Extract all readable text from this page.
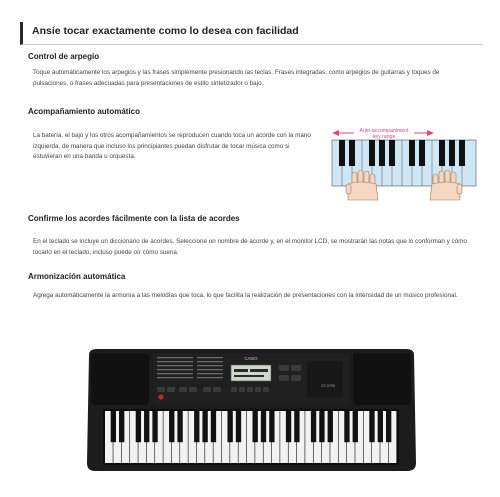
Ansíe tocar exactamente como lo desea con facilidad
Control de arpegio

Toque automáticamente los arpegios y las frases simplemente presionando las teclas. Frases integradas, como arpegios de guitarras y toques de pulsaciones, o frases adecuadas para presentaciones de estilo sintetizador o bajo.

Acompañamiento automático

La batería, el bajo y los otros acompañamientos se reproducen cuando toca un acorde con la mano izquierda, de manera que incluso los principiantes puedan disfrutar de tocar música como si estuvieran en una banda u orquesta.

Auto-accompaniment
key range
Confirme los acordes fácilmente con la lista de acordes

En el teclado se incluye un diccionario de acordes. Seleccione un nombre de acorde y, en el monitor LCD, se mostrarán las notas que lo conforman y cómo tocarlo en el teclado, incluso puede oír cómo suena.

Armonización automática

Agrega automáticamente la armonía a las melodías que toca, lo que facilita la realización de presentaciones con la intensidad de un músico profesional.

CASIO
CT-X700
